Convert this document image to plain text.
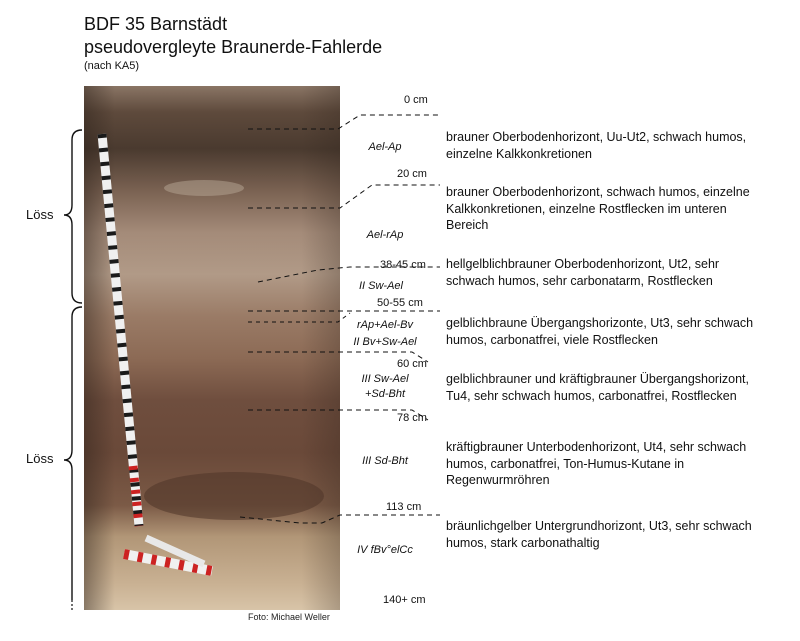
BDF 35 Barnstädt
pseudovergleyte Braunerde-Fahlerde
(nach KA5)
Foto: Michael Weller
Löss
Löss
0 cm
20 cm
38-45 cm
50-55 cm
60 cm
78 cm
113 cm
140+ cm
Ael-Ap
Ael-rAp
II Sw-Ael
rAp+Ael-Bv
II Bv+Sw-Ael
III Sw-Ael
+Sd-Bht
III Sd-Bht
IV fBv°elCc
brauner Oberbodenhorizont, Uu-Ut2, schwach humos,
einzelne Kalkkonkretionen
brauner Oberbodenhorizont, schwach humos, einzelne
Kalkkonkretionen, einzelne Rostflecken im unteren
Bereich
hellgelblichbrauner Oberbodenhorizont, Ut2, sehr
schwach humos, sehr carbonatarm, Rostflecken
gelblichbraune Übergangshorizonte, Ut3, sehr schwach
humos, carbonatfrei, viele Rostflecken
gelblichbrauner und kräftigbrauner Übergangshorizont,
Tu4, sehr schwach humos, carbonatfrei, Rostflecken
kräftigbrauner Unterbodenhorizont, Ut4, sehr schwach
humos, carbonatfrei, Ton-Humus-Kutane in
Regenwurmröhren
bräunlichgelber Untergrundhorizont, Ut3, sehr schwach
humos, stark carbonathaltig
